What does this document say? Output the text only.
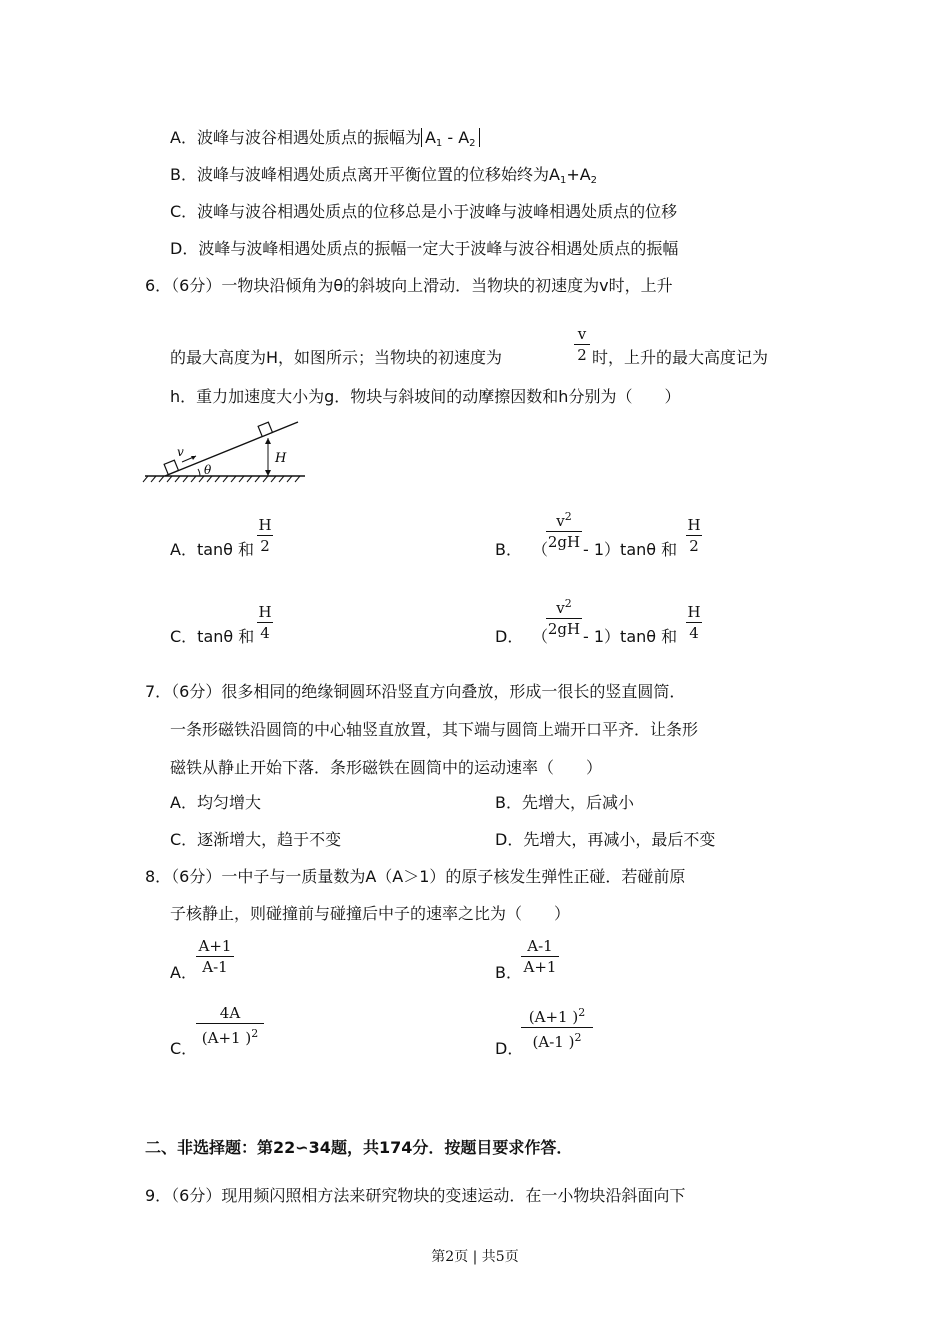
A．波峰与波谷相遇处质点的振幅为 $A_1 - A_2$
B．波峰与波峰相遇处质点离开平衡位置的位移始终为$A_1+A_2$
C．波峰与波谷相遇处质点的位移总是小于波峰与波峰相遇处质点的位移
D．波峰与波峰相遇处质点的振幅一定大于波峰与波谷相遇处质点的振幅
6．（6分）一物块沿倾角为θ的斜坡向上滑动．当物块的初速度为v时，上升
的最大高度为H，如图所示；当物块的初速度为
v
2 时，上升的最大高度记为
h．重力加速度大小为g．物块与斜坡间的动摩擦因数和h分别为（　　）
v
θ
H
A．tanθ 和
H
2	B． （
$v^2$
2gH - 1）tanθ 和
H
2
C．tanθ 和
H
4	D． （
$v^2$
2gH - 1）tanθ 和
H
4
7．（6分）很多相同的绝缘铜圆环沿竖直方向叠放，形成一很长的竖直圆筒．
一条形磁铁沿圆筒的中心轴竖直放置，其下端与圆筒上端开口平齐．让条形
磁铁从静止开始下落．条形磁铁在圆筒中的运动速率（　　）
A．均匀增大	B．先增大，后减小
C．逐渐增大，趋于不变	D．先增大，再减小，最后不变
8．（6分）一中子与一质量数为A（A＞1）的原子核发生弹性正碰．若碰前原
子核静止，则碰撞前与碰撞后中子的速率之比为（　　）
A．
A+1
A-1	B．
A-1
A+1
C．
4A
(A+1 )$^2$
D．
(A+1 )$^2$
(A-1 )$^2$
二、非选择题：第22∽34题，共174分．按题目要求作答．
9．（6分）现用频闪照相方法来研究物块的变速运动．在一小物块沿斜面向下
第2页 | 共5页
